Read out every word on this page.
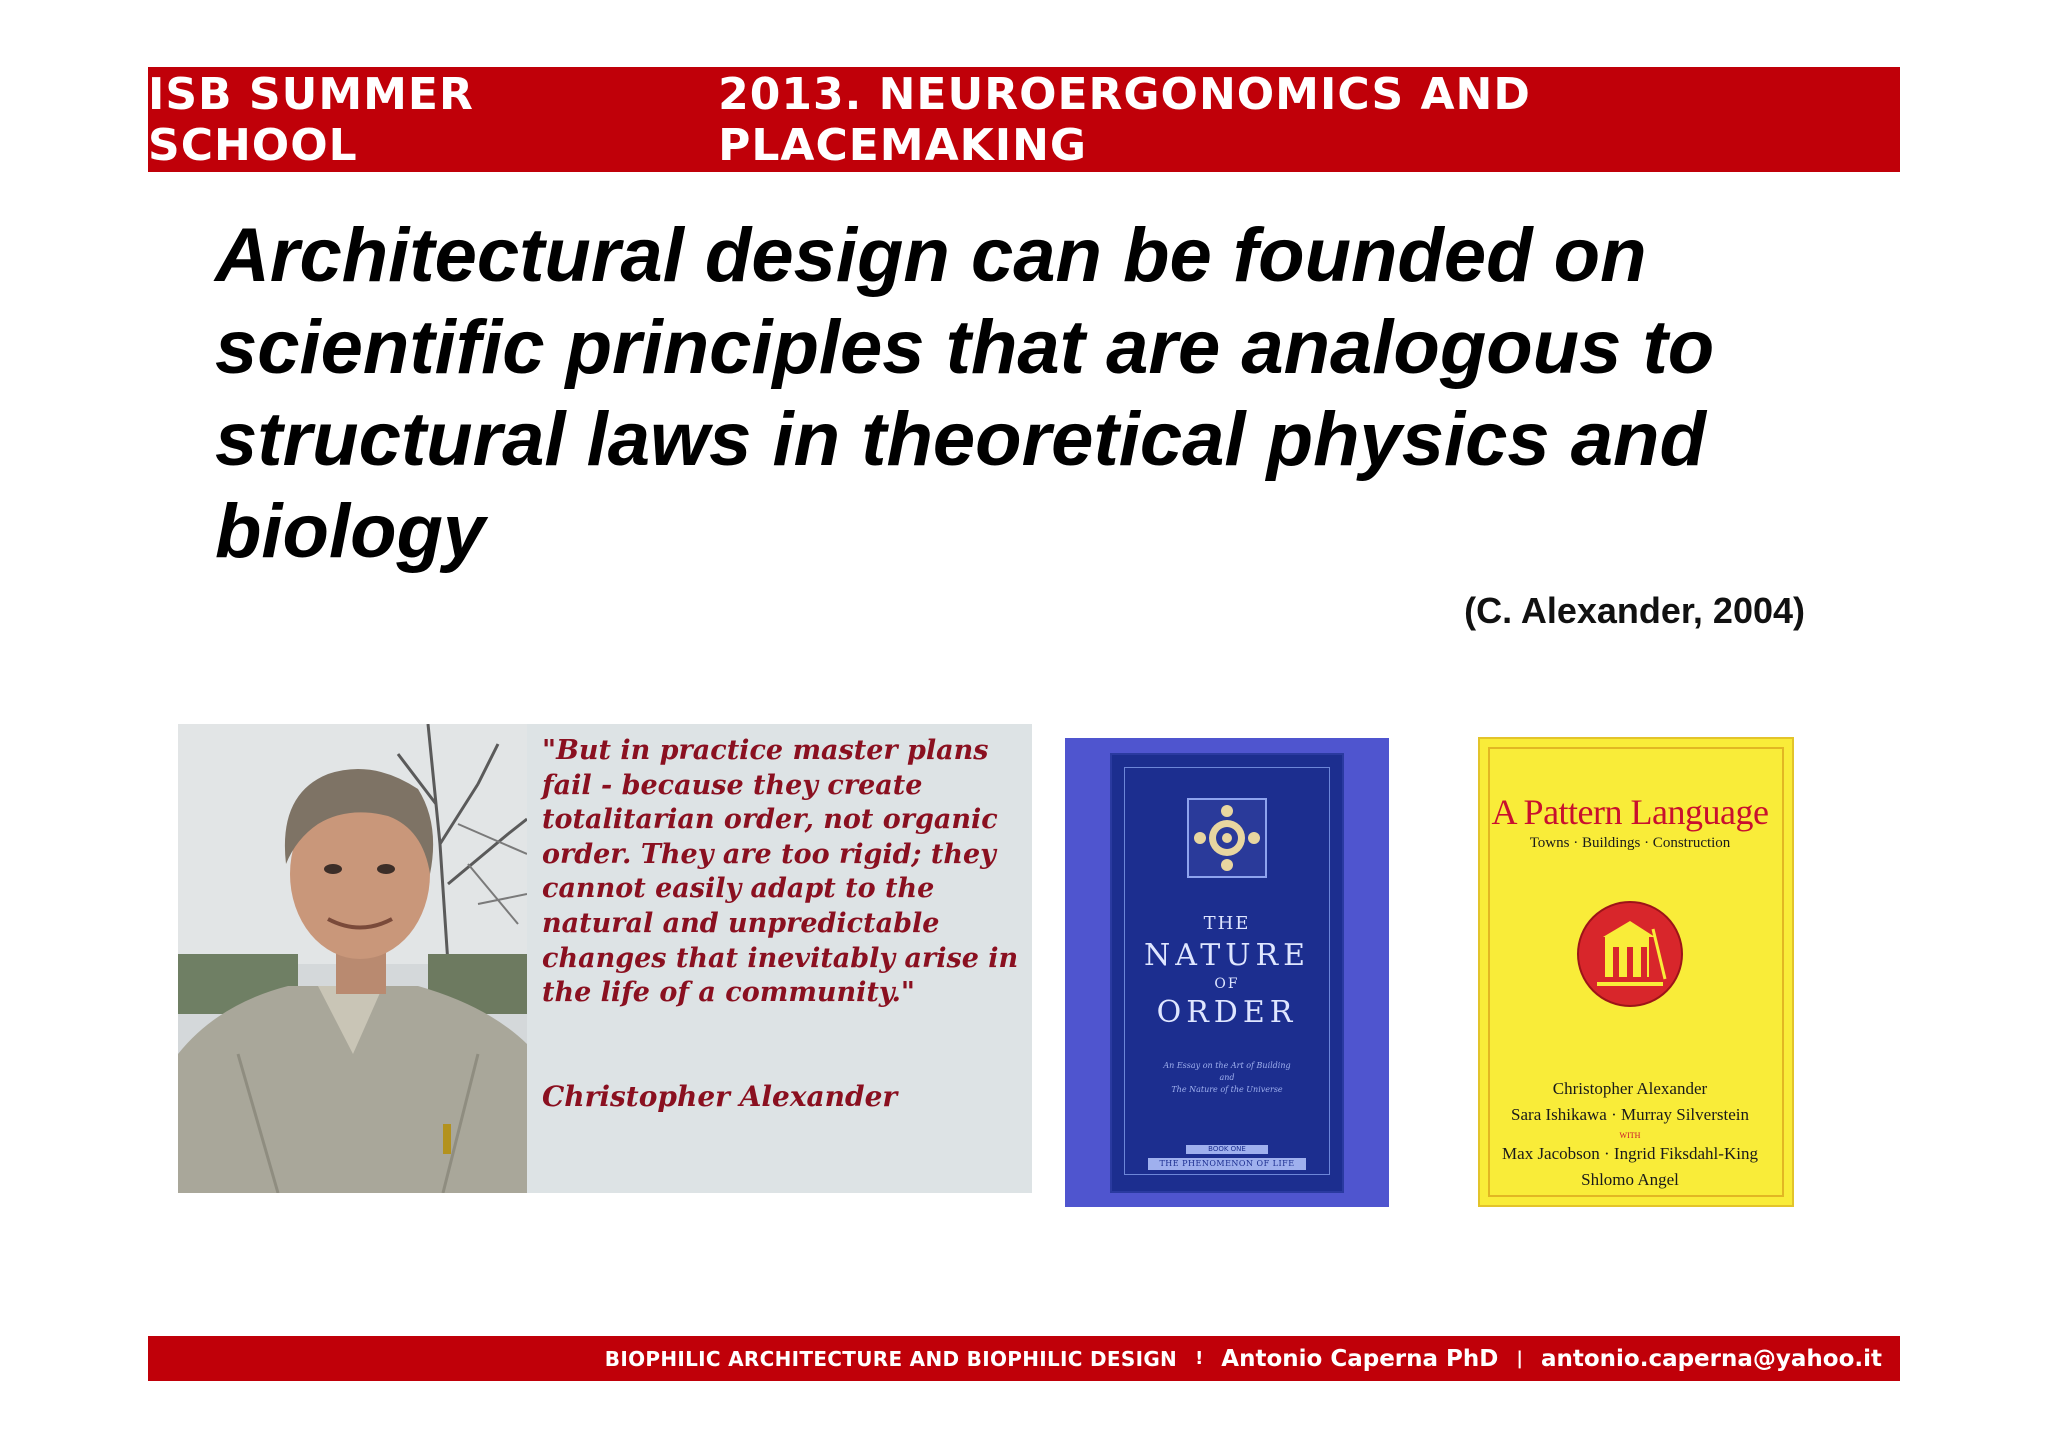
ISB SUMMER SCHOOL
2013. NEUROERGONOMICS AND PLACEMAKING

Architectural design can be founded on scientific principles that are analogous to structural laws in theoretical physics and biology

(C. Alexander, 2004)

"But in practice master plans fail - because they create totalitarian order, not organic order. They are too rigid; they cannot easily adapt to the natural and unpredictable changes that inevitably arise in the life of a community."

Christopher Alexander
THE
NATURE
OF
ORDER
An Essay on the Art of Building
and
The Nature of the Universe
BOOK ONE
THE PHENOMENON OF LIFE
A Pattern Language
Towns · Buildings · Construction
Christopher Alexander
Sara Ishikawa · Murray Silverstein
WITH
Max Jacobson · Ingrid Fiksdahl-King
Shlomo Angel
BIOPHILIC ARCHITECTURE AND BIOPHILIC DESIGN ! Antonio Caperna PhD | antonio.caperna@yahoo.it
